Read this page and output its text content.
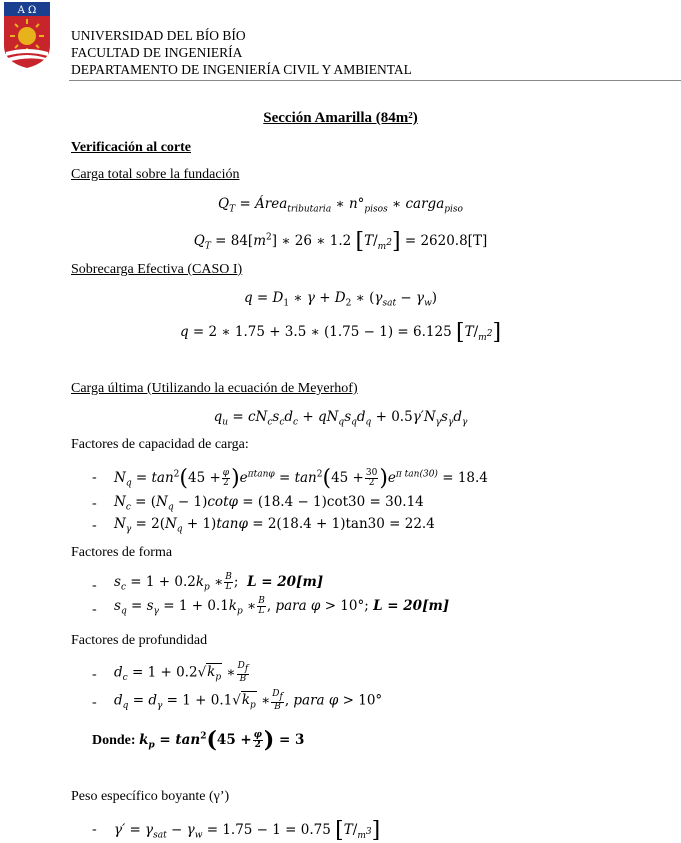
Α Ω
UNIVERSIDAD DEL BÍO BÍO
FACULTAD DE INGENIERÍA
DEPARTAMENTO DE INGENIERÍA CIVIL Y AMBIENTAL
Sección Amarilla (84m²)
Verificación al corte
Carga total sobre la fundación
$Q_T$ = Área$_{tributaria}$ ∗ $n^\circ_{pisos}$ ∗ carga$_{piso}$
$Q_T = 84[m^2]$ ∗ 26 ∗ 1.2 $[T/_{m^2}] = 2620.8[T]$
Sobrecarga Efectiva (CASO I)
$q = D_1$ ∗ $\gamma + D_2$ ∗ $(\gamma_{sat} - \gamma_w)$
q = 2 ∗ 1.75 + 3.5 ∗ (1.75 − 1) = 6.125 $[T/_{m^2}]$
Carga última (Utilizando la ecuación de Meyerhof)
$q_u = cN_cs_cd_c + qN_qs_qd_q + 0.5\gamma'N_\gamma s_\gamma d_\gamma$
Factores de capacidad de carga:
- $N_q = \tan^2(45 + \frac{\varphi}{2} )e^{\pi tan\varphi} = \tan^2(45 + \frac{30}{2} )e^{\pi tan(30)} = 18.4$
- $N_c = (N_q - 1)\cot\varphi = (18.4 - 1)\cot 30 = 30.14$
- $N_\gamma = 2(N_q + 1)\tan\varphi = 2(18.4 + 1)\tan 30 = 22.4$
Factores de forma
- $s_c = 1 + 0.2k_p$ ∗ $\frac{B}{L}$ ; L = 20[m]
- $s_q = s_\gamma = 1 + 0.1k_p$ ∗ $\frac{B}{L}$ , para φ > 10°; L = 20[m]
Factores de profundidad
- $d_c = 1 + 0.2√k_p$ ∗ $\frac{D_f}{B}$
- $d_q = d_\gamma = 1 + 0.1√k_p$ ∗ $\frac{D_f}{B}$ , para φ > 10°
Donde: $k_p = \tan^2(45 + \frac{\varphi}{2}$ ) = 3
Peso específico boyante (γ’)
- $\gamma' = \gamma_{sat} - \gamma_w = 1.75 - 1 = 0.75$ $[T/_{m^3}]$
